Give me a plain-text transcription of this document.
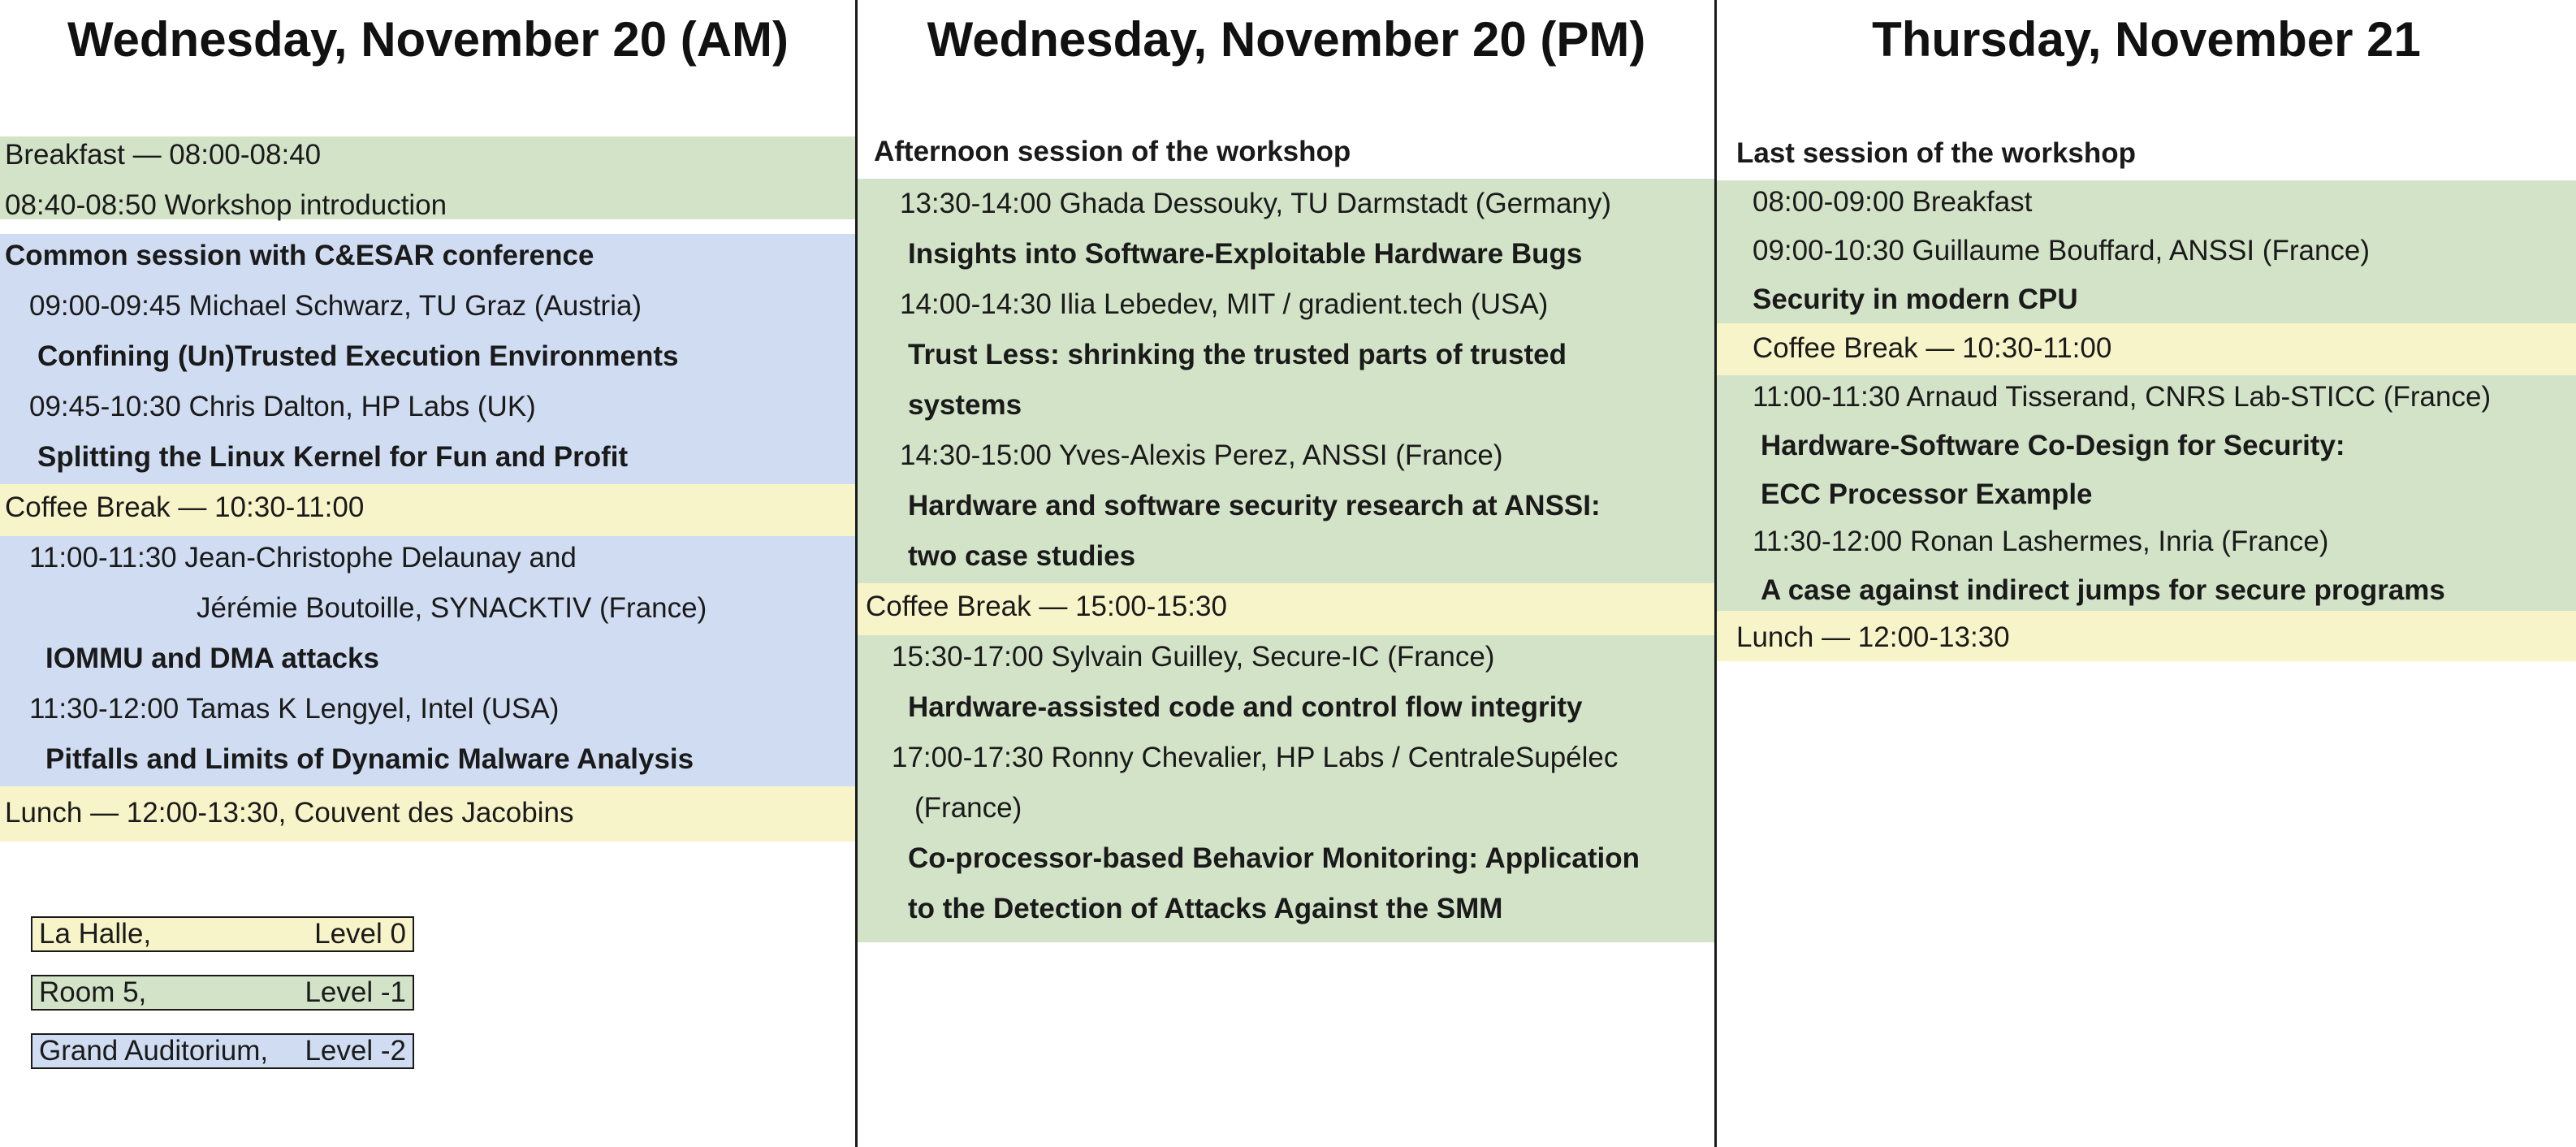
Wednesday, November 20 (AM)
Breakfast — 08:00-08:40
08:40-08:50 Workshop introduction
Common session with C&ESAR conference
09:00-09:45 Michael Schwarz, TU Graz (Austria)
Confining (Un)Trusted Execution Environments
09:45-10:30 Chris Dalton, HP Labs (UK)
Splitting the Linux Kernel for Fun and Profit
Coffee Break — 10:30-11:00
11:00-11:30 Jean-Christophe Delaunay and
Jérémie Boutoille, SYNACKTIV (France)
IOMMU and DMA attacks
11:30-12:00 Tamas K Lengyel, Intel (USA)
Pitfalls and Limits of Dynamic Malware Analysis
Lunch — 12:00-13:30, Couvent des Jacobins
La Halle,	Level 0
Room 5,	Level -1
Grand Auditorium, Level -2
Wednesday, November 20 (PM)
Afternoon session of the workshop
13:30-14:00 Ghada Dessouky, TU Darmstadt (Germany)
Insights into Software-Exploitable Hardware Bugs
14:00-14:30 Ilia Lebedev, MIT / gradient.tech (USA)
Trust Less: shrinking the trusted parts of trusted
systems
14:30-15:00 Yves-Alexis Perez, ANSSI (France)
Hardware and software security research at ANSSI:
two case studies
Coffee Break — 15:00-15:30
15:30-17:00 Sylvain Guilley, Secure-IC (France)
Hardware-assisted code and control flow integrity
17:00-17:30 Ronny Chevalier, HP Labs / CentraleSupélec
(France)
Co-processor-based Behavior Monitoring: Application
to the Detection of Attacks Against the SMM
Thursday, November 21
Last session of the workshop
08:00-09:00 Breakfast
09:00-10:30 Guillaume Bouffard, ANSSI (France)
Security in modern CPU
Coffee Break — 10:30-11:00
11:00-11:30 Arnaud Tisserand, CNRS Lab-STICC (France)
Hardware-Software Co-Design for Security:
ECC Processor Example
11:30-12:00 Ronan Lashermes, Inria (France)
A case against indirect jumps for secure programs
Lunch — 12:00-13:30
